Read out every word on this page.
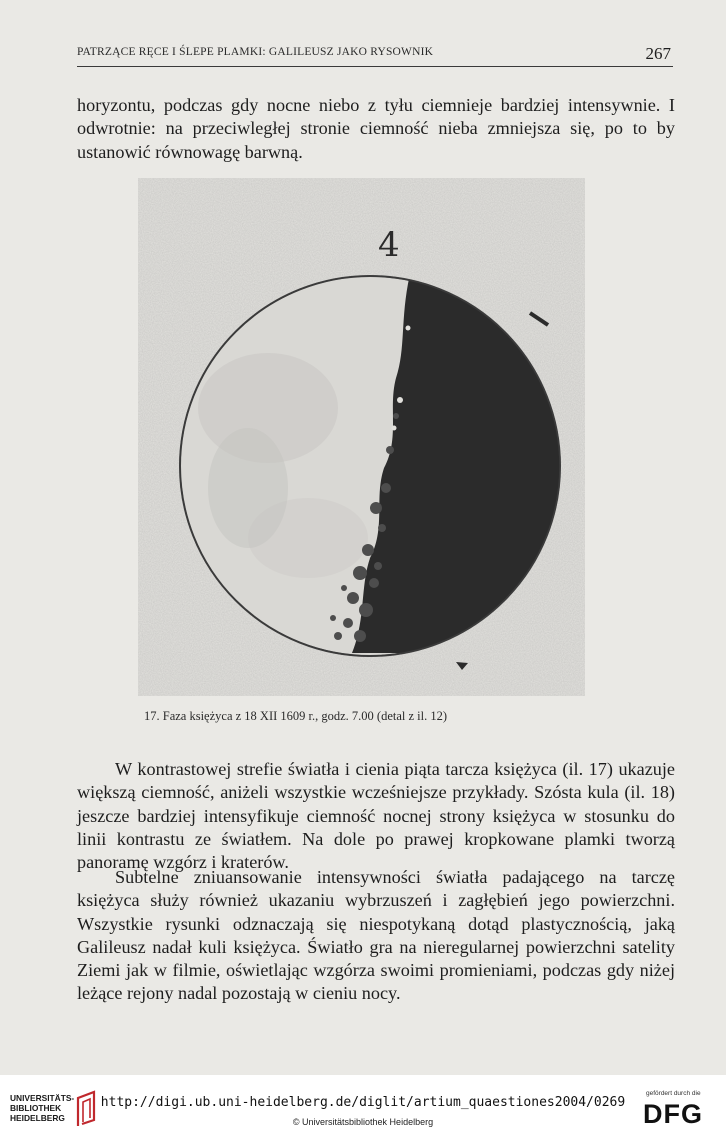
PATRZĄCE RĘCE I ŚLEPE PLAMKI: GALILEUSZ JAKO RYSOWNIK	267

horyzontu, podczas gdy nocne niebo z tyłu ciemnieje bardziej intensywnie. I odwrotnie: na przeciwległej stronie ciemność nieba zmniejsza się, po to by ustanowić równowagę barwną.

4
17. Faza księżyca z 18 XII 1609 r., godz. 7.00 (detal z il. 12)

W kontrastowej strefie światła i cienia piąta tarcza księżyca (il. 17) ukazuje większą ciemność, aniżeli wszystkie wcześniejsze przykłady. Szósta kula (il. 18) jeszcze bardziej intensyfikuje ciemność nocnej strony księżyca w stosunku do linii kontrastu ze światłem. Na dole po prawej kropkowane plamki tworzą panoramę wzgórz i kraterów.

Subtelne zniuansowanie intensywności światła padającego na tarczę księżyca służy również ukazaniu wybrzuszeń i zagłębień jego powierzchni. Wszystkie rysunki odznaczają się niespotykaną dotąd plastycznością, jaką Galileusz nadał kuli księżyca. Światło gra na nieregularnej powierzchni satelity Ziemi jak w filmie, oświetlając wzgórza swoimi promieniami, podczas gdy niżej leżące rejony nadal pozostają w cieniu nocy.

UNIVERSITÄTS-
BIBLIOTHEK
HEIDELBERG
http://digi.ub.uni-heidelberg.de/diglit/artium_quaestiones2004/0269
© Universitätsbibliothek Heidelberg
gefördert durch die
DFG
